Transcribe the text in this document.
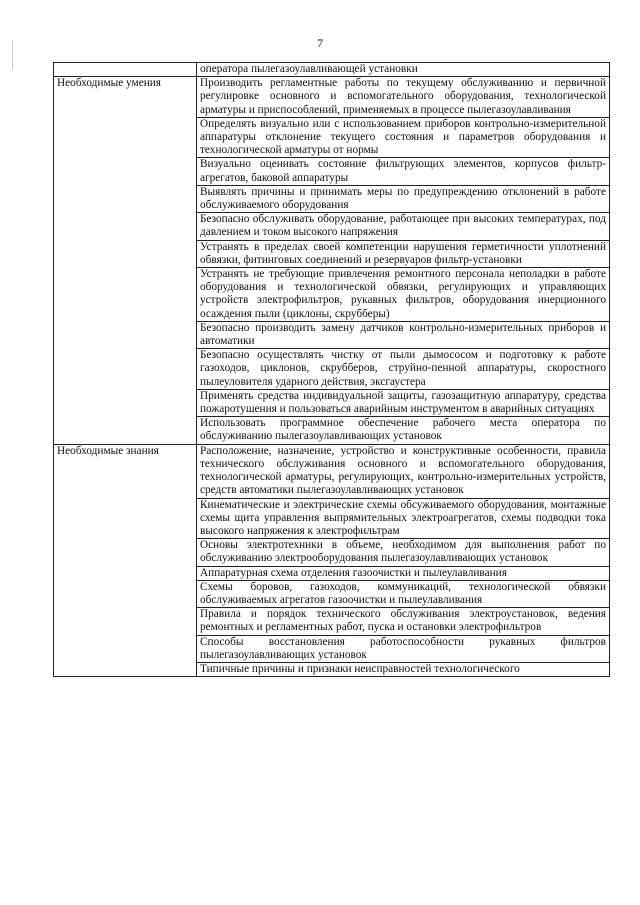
7
	оператора пылегазоулавливающей установки
Необходимые умения	Производить регламентные работы по текущему обслуживанию и первичной регулировке основного и вспомогательного оборудования, технологической арматуры и приспособлений, применяемых в процессе пылегазоулавливания
	Определять визуально или с использованием приборов контрольно-измерительной аппаратуры отклонение текущего состояния и параметров оборудования и технологической арматуры от нормы
	Визуально оценивать состояние фильтрующих элементов, корпусов фильтр-агрегатов, баковой аппаратуры
	Выявлять причины и принимать меры по предупреждению отклонений в работе обслуживаемого оборудования
	Безопасно обслуживать оборудование, работающее при высоких температурах, под давлением и током высокого напряжения
	Устранять в пределах своей компетенции нарушения герметичности уплотнений обвязки, фитинговых соединений и резервуаров фильтр-установки
	Устранять не требующие привлечения ремонтного персонала неполадки в работе оборудования и технологической обвязки, регулирующих и управляющих устройств электрофильтров, рукавных фильтров, оборудования инерционного осаждения пыли (циклоны, скрубберы)
	Безопасно производить замену датчиков контрольно-измерительных приборов и автоматики
	Безопасно осуществлять чистку от пыли дымососом и подготовку к работе газоходов, циклонов, скрубберов, струйно-пенной аппаратуры, скоростного пылеуловителя ударного действия, эксгаустера
	Применять средства индивидуальной защиты, газозащитную аппаратуру, средства пожаротушения и пользоваться аварийным инструментом в аварийных ситуациях
	Использовать программное обеспечение рабочего места оператора по обслуживанию пылегазоулавливающих установок
Необходимые знания	Расположение, назначение, устройство и конструктивные особенности, правила технического обслуживания основного и вспомогательного оборудования, технологической арматуры, регулирующих, контрольно-измерительных устройств, средств автоматики пылегазоулавливающих установок
	Кинематические и электрические схемы обсуживаемого оборудования, монтажные схемы щита управления выпрямительных электроагрегатов, схемы подводки тока высокого напряжения к электрофильтрам
	Основы электротехники в объеме, необходимом для выполнения работ по обслуживанию электрооборудования пылегазоулавливающих установок
	Аппаратурная схема отделения газоочистки и пылеулавливания
	Схемы боровов, газоходов, коммуникаций, технологической обвязки обслуживаемых агрегатов газоочистки и пылеулавливания
	Правила и порядок технического обслуживания электроустановок, ведения ремонтных и регламентных работ, пуска и остановки электрофильтров
	Способы восстановления работоспособности рукавных фильтров пылегазоулавливающих установок
	Типичные причины и признаки неисправностей технологического
